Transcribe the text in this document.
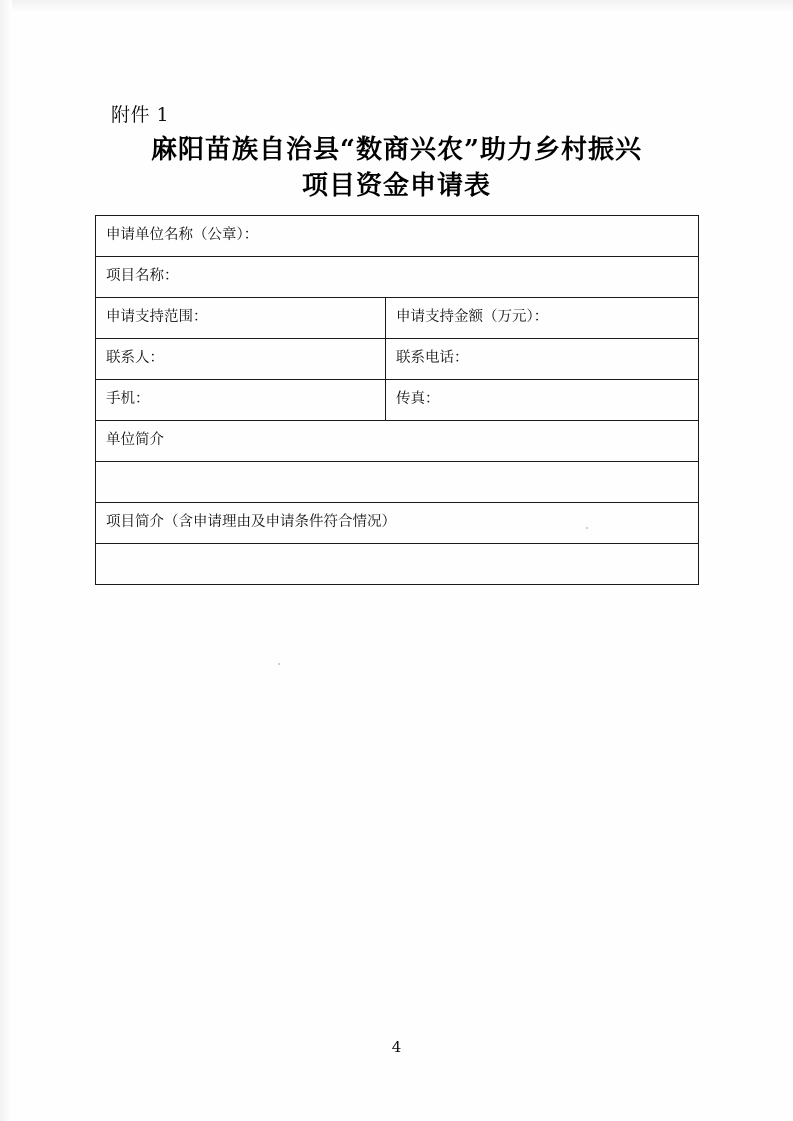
附件 1
麻阳苗族自治县“数商兴农”助力乡村振兴
项目资金申请表
申请单位名称（公章）：	
项目名称：	
申请支持范围：	申请支持金额（万元）：
联系人：	联系电话：
手机：	传真：
单位简介	

项目简介（含申请理由及申请条件符合情况）	

4
